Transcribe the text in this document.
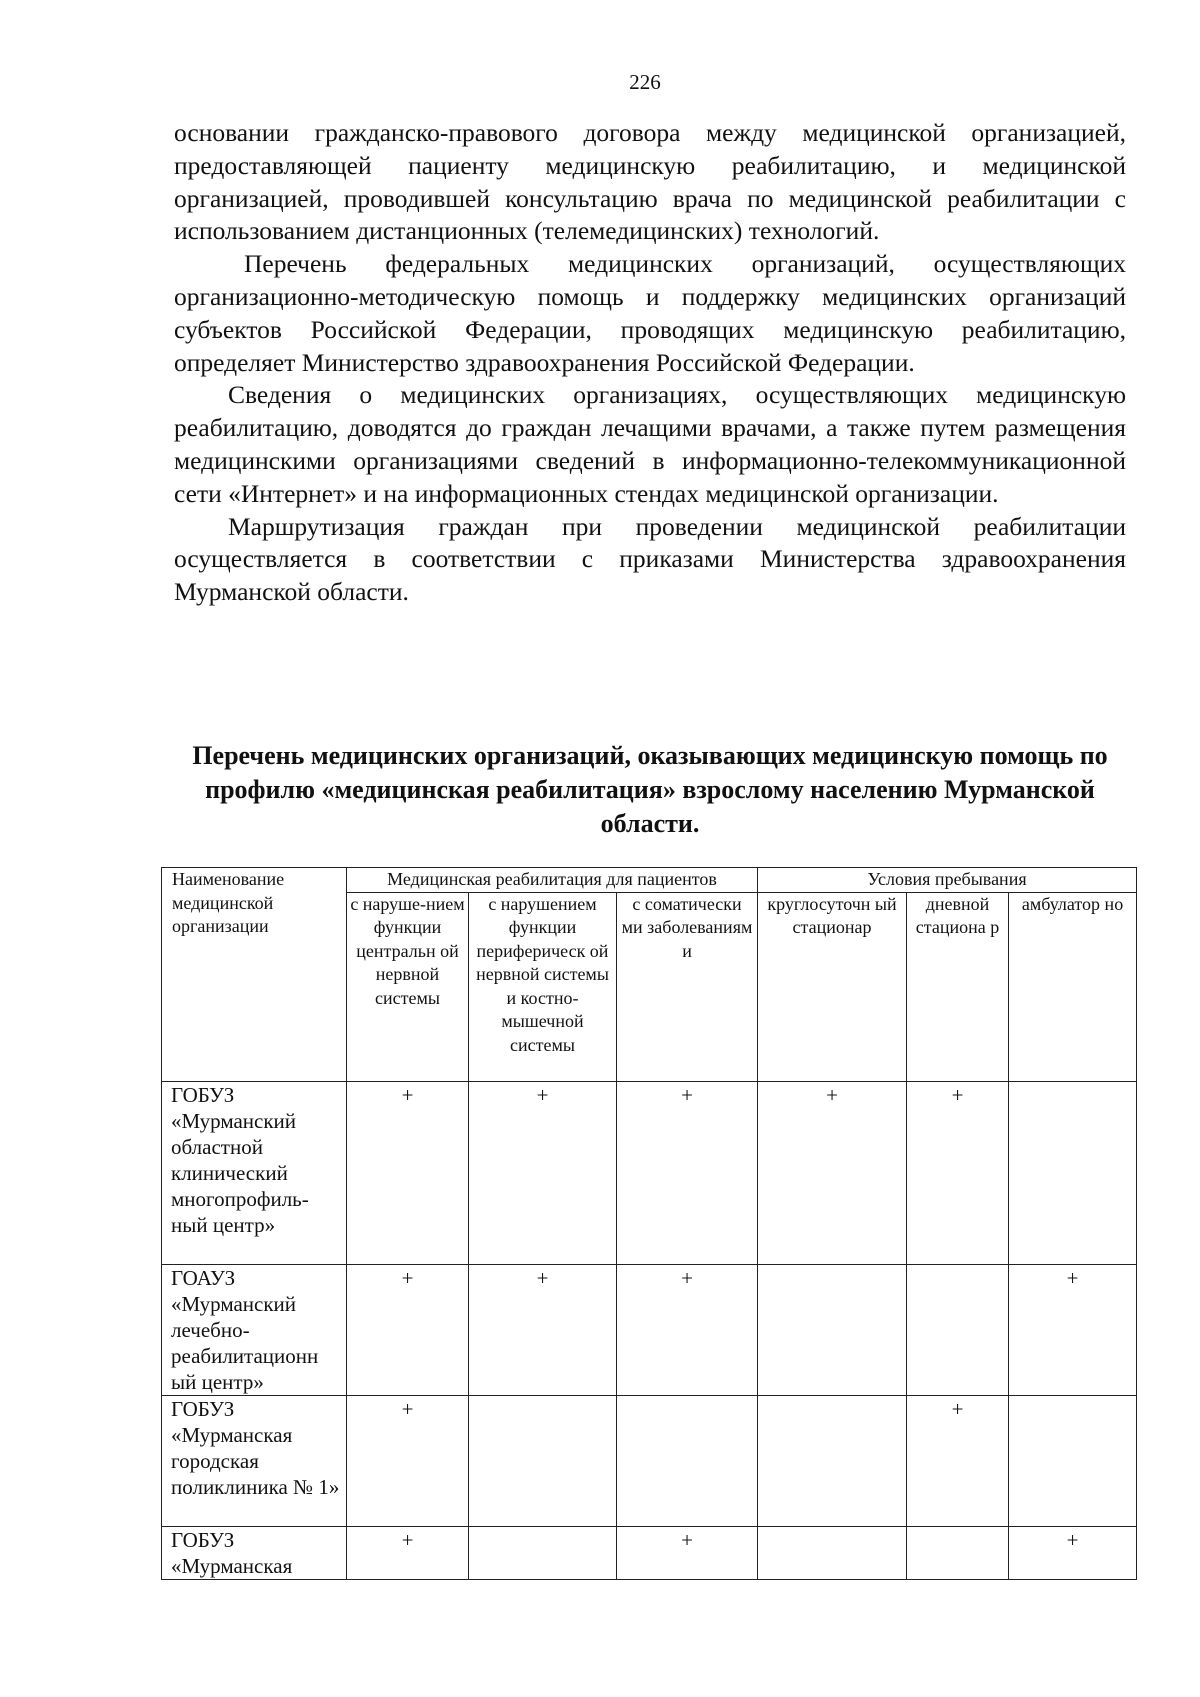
226

основании гражданско-правового договора между медицинской организацией, предоставляющей пациенту медицинскую реабилитацию, и медицинской организацией, проводившей консультацию врача по медицинской реабилитации с использованием дистанционных (телемедицинских) технологий.

Перечень федеральных медицинских организаций, осуществляющих организационно-методическую помощь и поддержку медицинских организаций субъектов Российской Федерации, проводящих медицинскую реабилитацию, определяет Министерство здравоохранения Российской Федерации.

Сведения о медицинских организациях, осуществляющих медицинскую реабилитацию, доводятся до граждан лечащими врачами, а также путем размещения медицинскими организациями сведений в информационно-телекоммуникационной сети «Интернет» и на информационных стендах медицинской организации.

Маршрутизация граждан при проведении медицинской реабилитации осуществляется в соответствии с приказами Министерства здравоохранения Мурманской области.

Перечень медицинских организаций, оказывающих медицинскую помощь по профилю «медицинская реабилитация» взрослому населению Мурманской области.
Наименование медицинской организации	Медицинская реабилитация для пациентов			Условия пребывания		
	с наруше-нием функции центральн ой нервной системы	с нарушением функции периферическ ой нервной системы и костно-мышечной системы	с соматически ми заболеваниям и	круглосуточн ый стационар	дневной стациона р	амбулатор но
ГОБУЗ «Мурманский областной клинический многопрофиль-ный центр»	+	+	+	+	+	
ГОАУЗ «Мурманский лечебно-реабилитационн ый центр»	+	+	+			+
ГОБУЗ «Мурманская городская поликлиника № 1»	+				+	
ГОБУЗ «Мурманская	+		+			+
